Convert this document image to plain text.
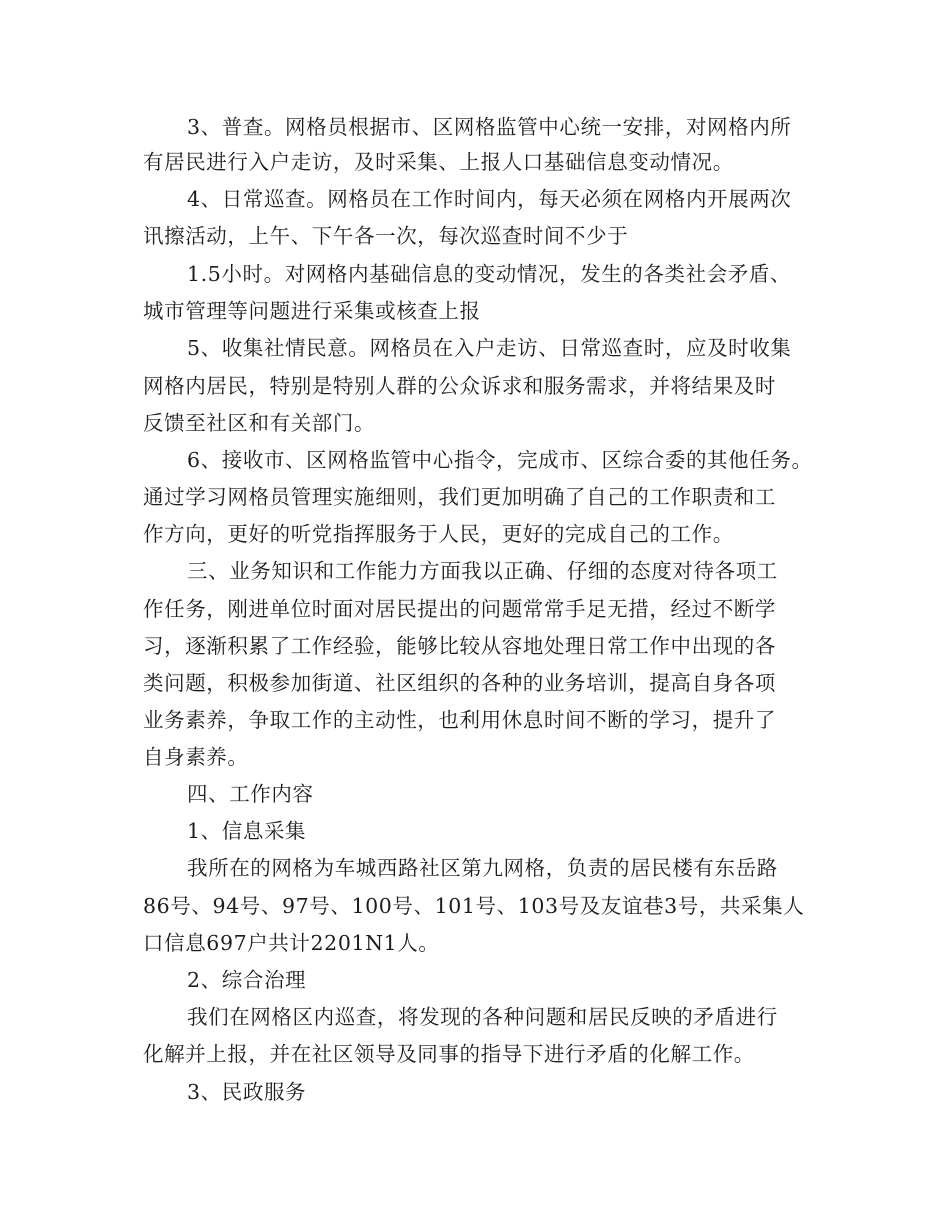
3、普查。网格员根据市、区网格监管中心统一安排，对网格内所
有居民进行入户走访，及时采集、上报人口基础信息变动情况。
4、日常巡查。网格员在工作时间内，每天必须在网格内开展两次
讯擦活动，上午、下午各一次，每次巡查时间不少于
1.5小时。对网格内基础信息的变动情况，发生的各类社会矛盾、
城市管理等问题进行采集或核查上报
5、收集社情民意。网格员在入户走访、日常巡查时，应及时收集
网格内居民，特别是特别人群的公众诉求和服务需求，并将结果及时
反馈至社区和有关部门。
6、接收市、区网格监管中心指令，完成市、区综合委的其他任务。
通过学习网格员管理实施细则，我们更加明确了自己的工作职责和工
作方向，更好的听党指挥服务于人民，更好的完成自己的工作。
三、业务知识和工作能力方面我以正确、仔细的态度对待各项工
作任务，刚进单位时面对居民提出的问题常常手足无措，经过不断学
习，逐渐积累了工作经验，能够比较从容地处理日常工作中出现的各
类问题，积极参加街道、社区组织的各种的业务培训，提高自身各项
业务素养，争取工作的主动性，也利用休息时间不断的学习，提升了
自身素养。
四、工作内容
1、信息采集
我所在的网格为车城西路社区第九网格，负责的居民楼有东岳路
86号、94号、97号、100号、101号、103号及友谊巷3号，共采集人
口信息697户共计2201N1人。
2、综合治理
我们在网格区内巡查，将发现的各种问题和居民反映的矛盾进行
化解并上报，并在社区领导及同事的指导下进行矛盾的化解工作。
3、民政服务
